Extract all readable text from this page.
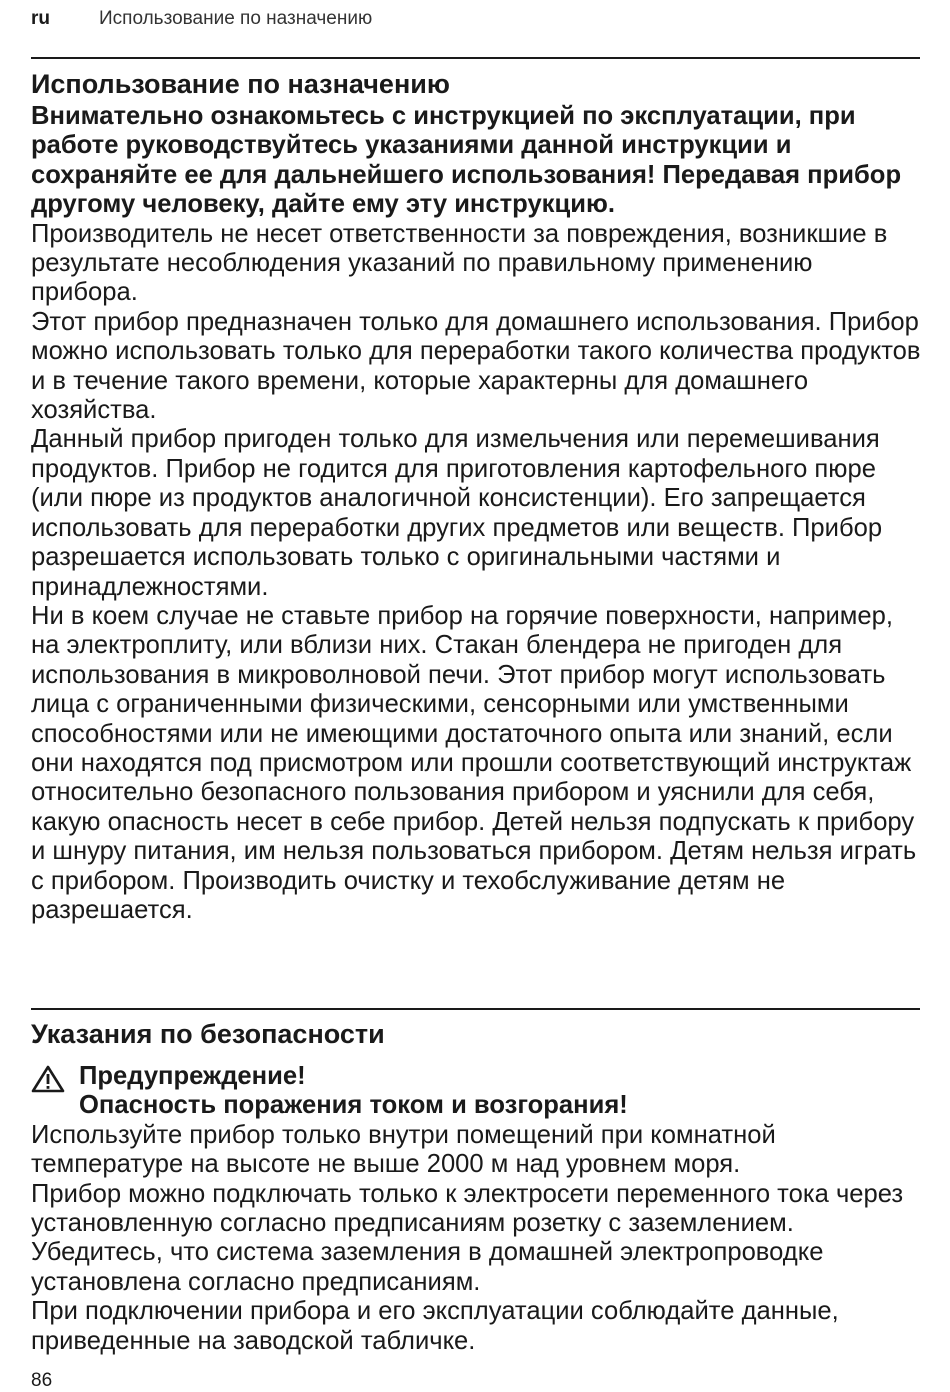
ru	Использование по назначению
Использование по назначению

Внимательно ознакомьтесь с инструкцией по эксплуатации, при работе руководствуйтесь указаниями данной инструкции и сохраняйте ее для дальнейшего использования! Передавая прибор другому человеку, дайте ему эту инструкцию.

Производитель не несет ответственности за повреждения, возникшие в результате несоблюдения указаний по правильному применению прибора.

Этот прибор предназначен только для домашнего использования. Прибор можно использовать только для переработки такого количества продуктов и в течение такого времени, которые характерны для домашнего хозяйства.

Данный прибор пригоден только для измельчения или перемешивания продуктов. Прибор не годится для приготовления картофельного пюре (или пюре из продуктов аналогичной консистенции). Его запрещается использовать для переработки других предметов или веществ. Прибор разрешается использовать только с оригинальными частями и принадлежностями.

Ни в коем случае не ставьте прибор на горячие поверхности, например, на электроплиту, или вблизи них. Стакан блендера не пригоден для использования в микроволновой печи. Этот прибор могут использовать лица с ограниченными физическими, сенсорными или умственными способностями или не имеющими достаточного опыта или знаний, если они находятся под присмотром или прошли соответствующий инструктаж относительно безопасного пользования прибором и уяснили для себя, какую опасность несет в себе прибор. Детей нельзя подпускать к прибору и шнуру питания, им нельзя пользоваться прибором. Детям нельзя играть с прибором. Производить очистку и техобслуживание детям не разрешается.

Указания по безопасности
Предупреждение!
Опасность поражения током и возгорания!

Используйте прибор только внутри помещений при комнатной температуре на высоте не выше 2000 м над уровнем моря.

Прибор можно подключать только к электросети переменного тока через установленную согласно предписаниям розетку с заземлением. Убедитесь, что система заземления в домашней электропроводке установлена согласно предписаниям.

При подключении прибора и его эксплуатации соблюдайте данные, приведенные на заводской табличке.

86
